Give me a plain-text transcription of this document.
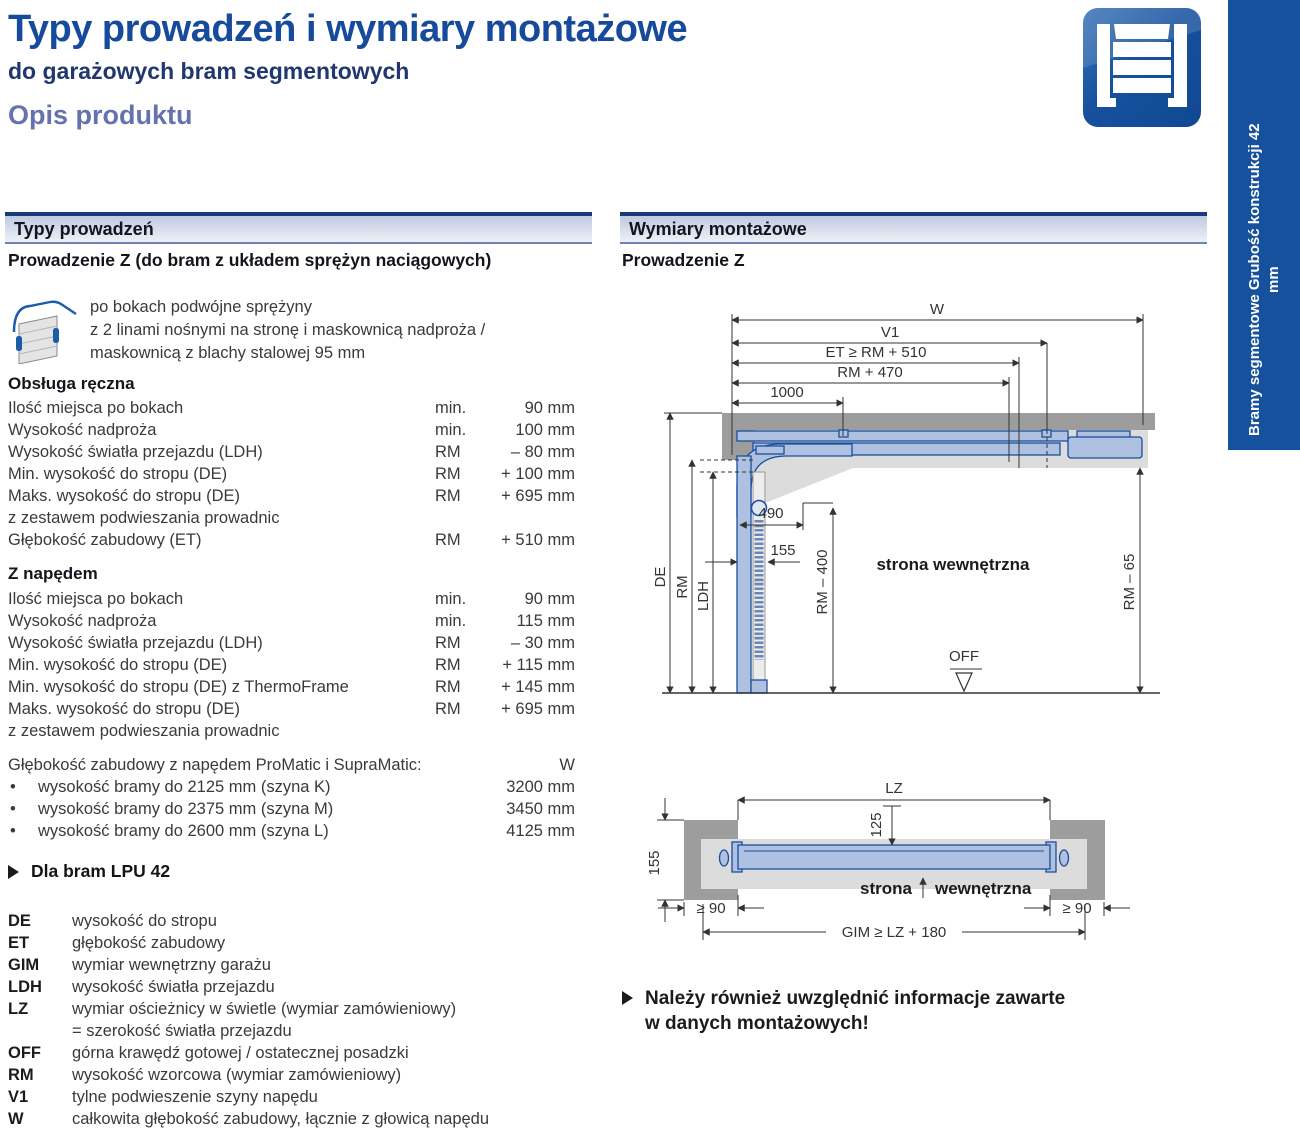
Typy prowadzeń i wymiary montażowe
do garażowych bram segmentowych
Opis produktu
Bramy segmentowe Grubość konstrukcji 42 mm
Typy prowadzeń
Prowadzenie Z (do bram z układem sprężyn naciągowych)
po bokach podwójne sprężyny
z 2 linami nośnymi na stronę i maskownicą nadproża /
maskownicą z blachy stalowej 95 mm
Obsługa ręczna
Ilość miejsca po bokach	min.	90 mm
Wysokość nadproża	min.	100 mm
Wysokość światła przejazdu (LDH)	RM	– 80 mm
Min. wysokość do stropu (DE)	RM	+ 100 mm
Maks. wysokość do stropu (DE)	RM	+ 695 mm
z zestawem podwieszania prowadnic
Głębokość zabudowy (ET)	RM	+ 510 mm
Z napędem
Ilość miejsca po bokach	min.	90 mm
Wysokość nadproża	min.	115 mm
Wysokość światła przejazdu (LDH)	RM	– 30 mm
Min. wysokość do stropu (DE)	RM	+ 115 mm
Min. wysokość do stropu (DE) z ThermoFrame	RM	+ 145 mm
Maks. wysokość do stropu (DE)	RM	+ 695 mm
z zestawem podwieszania prowadnic
Głębokość zabudowy z napędem ProMatic i SupraMatic:	W
•	wysokość bramy do 2125 mm (szyna K)	3200 mm
•	wysokość bramy do 2375 mm (szyna M)	3450 mm
•	wysokość bramy do 2600 mm (szyna L)	4125 mm
Dla bram LPU 42
DE	wysokość do stropu
ET	głębokość zabudowy
GIM	wymiar wewnętrzny garażu
LDH	wysokość światła przejazdu
LZ	wymiar ościeżnicy w świetle (wymiar zamówieniowy)
= szerokość światła przejazdu
OFF	górna krawędź gotowej / ostatecznej posadzki
RM	wysokość wzorcowa (wymiar zamówieniowy)
V1	tylne podwieszenie szyny napędu
W	całkowita głębokość zabudowy, łącznie z głowicą napędu
Wymiary montażowe
Prowadzenie Z
W
V1
ET ≥ RM + 510
RM + 470
1000
DE RM LDH
490
RM – 400
155
strona wewnętrzna	RM – 65
OFF
LZ
125
155
strona wewnętrzna
≥ 90	≥ 90
GIM ≥ LZ + 180
Należy również uwzględnić informacje zawarte
w danych montażowych!
